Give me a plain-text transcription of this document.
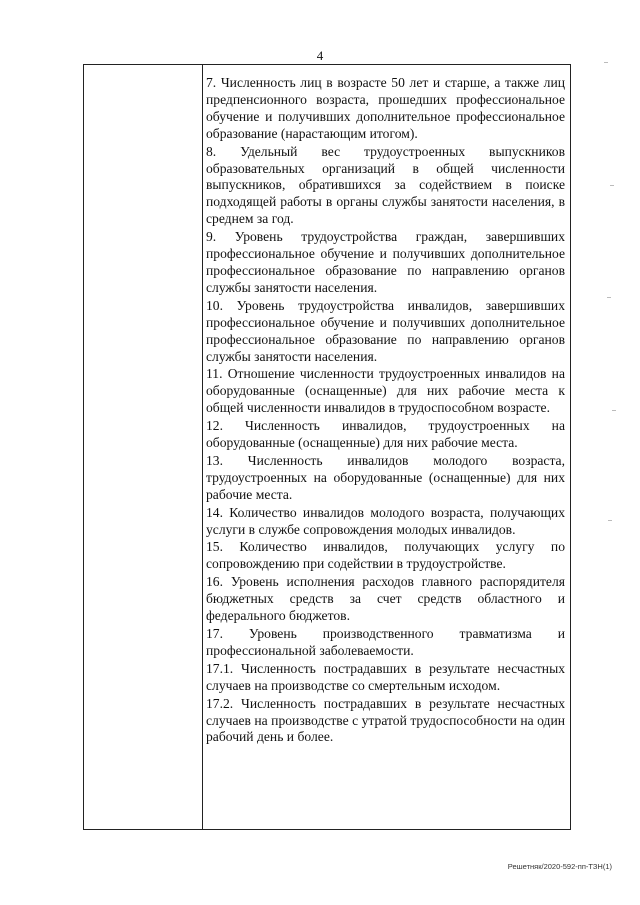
4

7. Численность лиц в возрасте 50 лет и старше, а также лиц предпенсионного возраста, прошедших профессиональное обучение и получивших дополнительное профессиональное образование (нарастающим итогом).

8. Удельный вес трудоустроенных выпускников образовательных организаций в общей численности выпускников, обратившихся за содействием в поиске подходящей работы в органы службы занятости населения, в среднем за год.

9. Уровень трудоустройства граждан, завершивших профессиональное обучение и получивших дополнительное профессиональное образование по направлению органов службы занятости населения.

10. Уровень трудоустройства инвалидов, завершивших профессиональное обучение и получивших дополнительное профессиональное образование по направлению органов службы занятости населения.

11. Отношение численности трудоустроенных инвалидов на оборудованные (оснащенные) для них рабочие места к общей численности инвалидов в трудоспособном возрасте.

12. Численность инвалидов, трудоустроенных на оборудованные (оснащенные) для них рабочие места.

13. Численность инвалидов молодого возраста, трудоустроенных на оборудованные (оснащенные) для них рабочие места.

14. Количество инвалидов молодого возраста, получающих услуги в службе сопровождения молодых инвалидов.

15. Количество инвалидов, получающих услугу по сопровождению при содействии в трудоустройстве.

16. Уровень исполнения расходов главного распорядителя бюджетных средств за счет средств областного и федерального бюджетов.

17. Уровень производственного травматизма и профессиональной заболеваемости.

17.1. Численность пострадавших в результате несчастных случаев на производстве со смертельным исходом.

17.2. Численность пострадавших в результате несчастных случаев на производстве с утратой трудоспособности на один рабочий день и более.

Решетняк/2020-592-пп-ТЗН(1)
